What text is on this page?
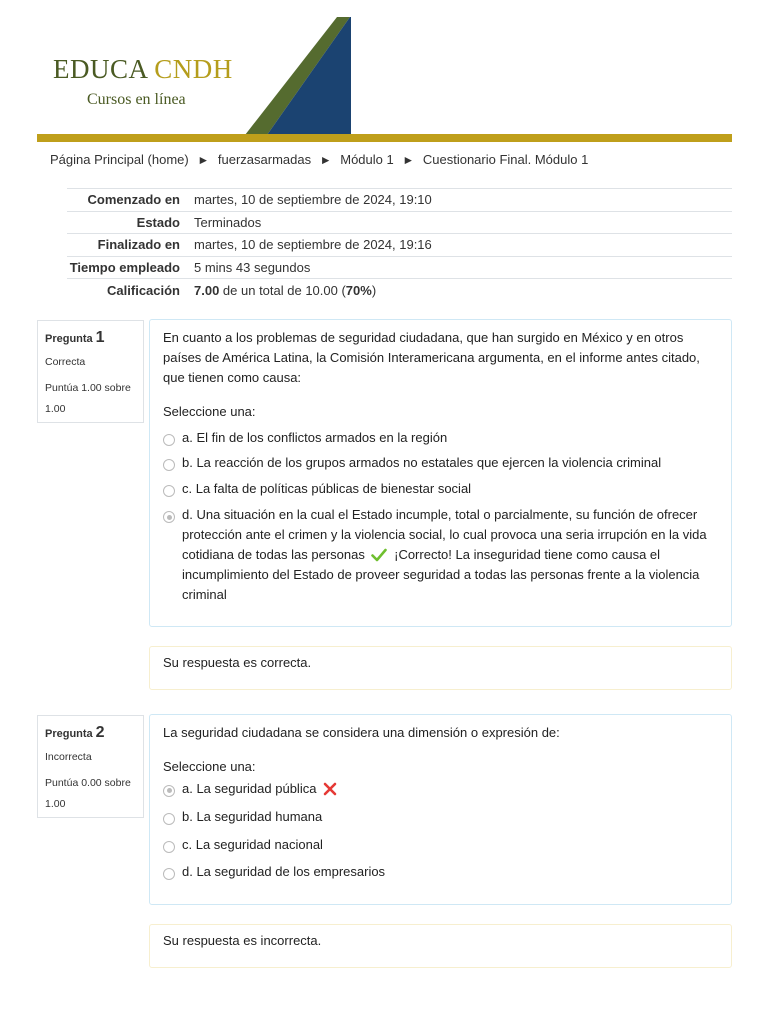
EDUCA CNDH
Cursos en línea
Página Principal (home) ► fuerzasarmadas ► Módulo 1 ► Cuestionario Final. Módulo 1
Comenzado en	martes, 10 de septiembre de 2024, 19:10
Estado	Terminados
Finalizado en	martes, 10 de septiembre de 2024, 19:16
Tiempo empleado	5 mins 43 segundos
Calificación	7.00 de un total de 10.00 (70%)
Pregunta 1
Correcta
Puntúa 1.00 sobre 1.00
En cuanto a los problemas de seguridad ciudadana, que han surgido en México y en otros países de América Latina, la Comisión Interamericana argumenta, en el informe antes citado, que tienen como causa:
Seleccione una:
a. El fin de los conflictos armados en la región
b. La reacción de los grupos armados no estatales que ejercen la violencia criminal
c. La falta de políticas públicas de bienestar social
d. Una situación en la cual el Estado incumple, total o parcialmente, su función de ofrecer protección ante el crimen y la violencia social, lo cual provoca una seria irrupción en la vida cotidiana de todas las personas ¡Correcto! La inseguridad tiene como causa el incumplimiento del Estado de proveer seguridad a todas las personas frente a la violencia criminal
Su respuesta es correcta.
Pregunta 2
Incorrecta
Puntúa 0.00 sobre 1.00
La seguridad ciudadana se considera una dimensión o expresión de:
Seleccione una:
a. La seguridad pública
b. La seguridad humana
c. La seguridad nacional
d. La seguridad de los empresarios
Su respuesta es incorrecta.
